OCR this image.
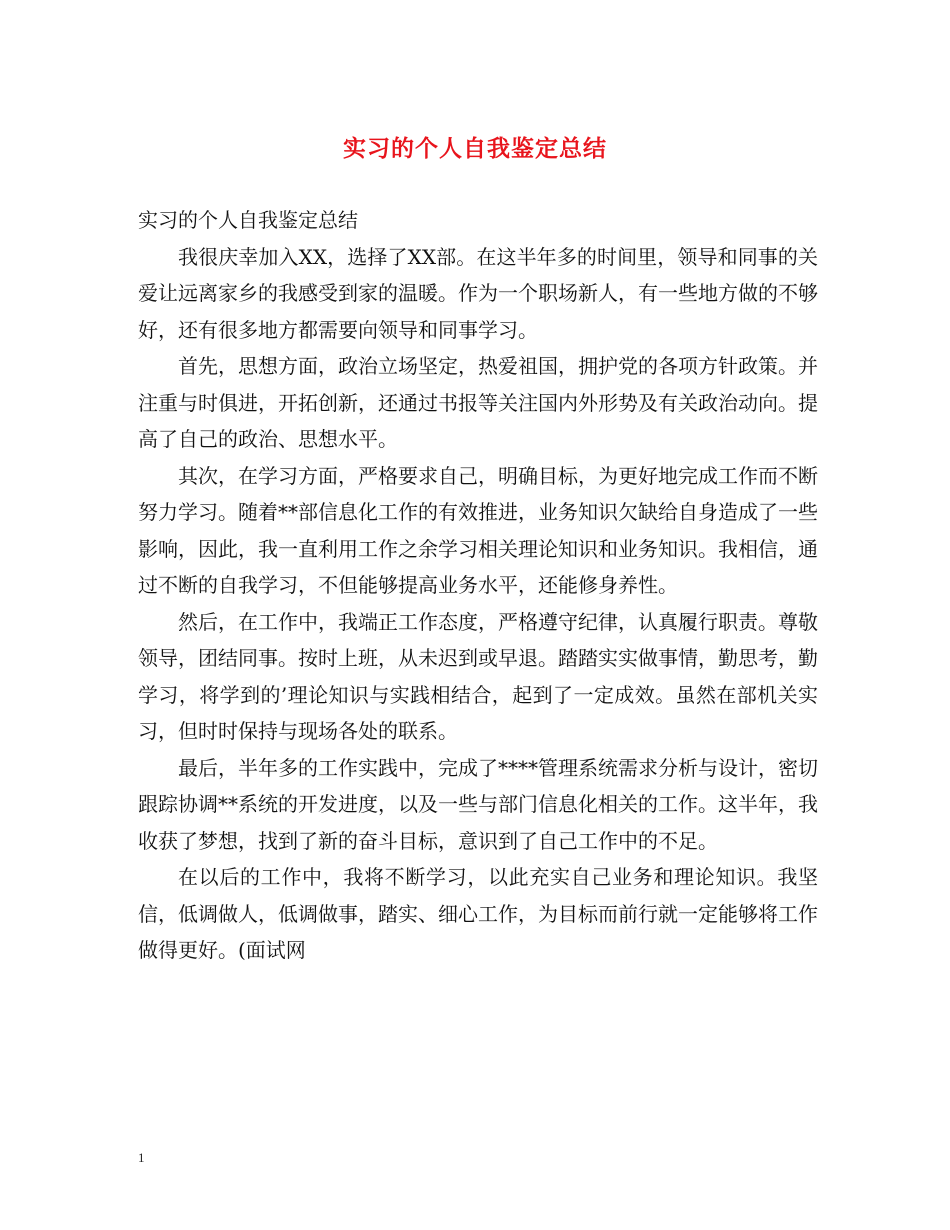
实习的个人自我鉴定总结

实习的个人自我鉴定总结

我很庆幸加入XX，选择了XX部。在这半年多的时间里，领导和同事的关爱让远离家乡的我感受到家的温暖。作为一个职场新人，有一些地方做的不够好，还有很多地方都需要向领导和同事学习。

首先，思想方面，政治立场坚定，热爱祖国，拥护党的各项方针政策。并注重与时俱进，开拓创新，还通过书报等关注国内外形势及有关政治动向。提高了自己的政治、思想水平。

其次，在学习方面，严格要求自己，明确目标，为更好地完成工作而不断努力学习。随着**部信息化工作的有效推进，业务知识欠缺给自身造成了一些影响，因此，我一直利用工作之余学习相关理论知识和业务知识。我相信，通过不断的自我学习，不但能够提高业务水平，还能修身养性。

然后，在工作中，我端正工作态度，严格遵守纪律，认真履行职责。尊敬领导，团结同事。按时上班，从未迟到或早退。踏踏实实做事情，勤思考，勤学习，将学到的’理论知识与实践相结合，起到了一定成效。虽然在部机关实习，但时时保持与现场各处的联系。

最后，半年多的工作实践中，完成了****管理系统需求分析与设计，密切跟踪协调**系统的开发进度，以及一些与部门信息化相关的工作。这半年，我收获了梦想，找到了新的奋斗目标，意识到了自己工作中的不足。

在以后的工作中，我将不断学习，以此充实自己业务和理论知识。我坚信，低调做人，低调做事，踏实、细心工作，为目标而前行就一定能够将工作做得更好。(面试网

1
